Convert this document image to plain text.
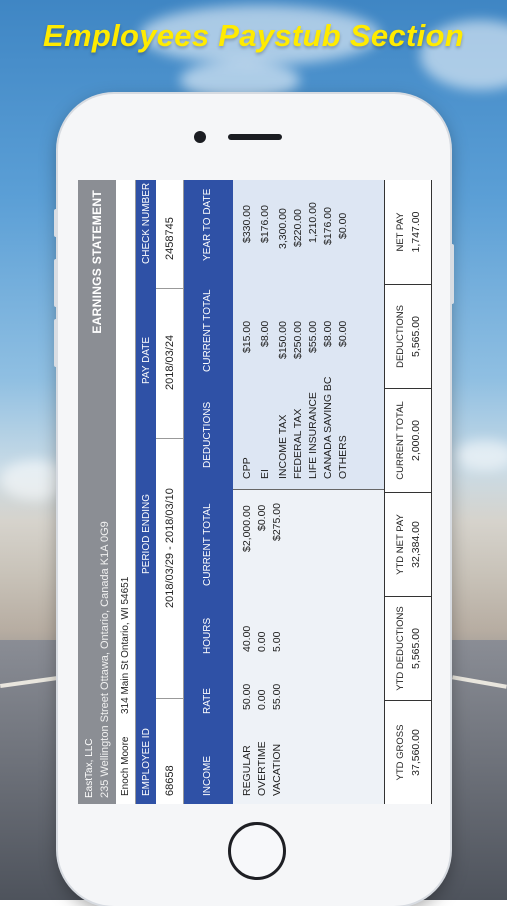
Employees Paystub Section
EastTax, LLC 235 Wellington Street Ottawa, Ontario, Canada K1A 0G9
EARNINGS STATEMENT
Enoch Moore
314 Main St Ontario, WI 54651
EMPLOYEE ID
PERIOD ENDING
PAY DATE
CHECK NUMBER
68658
2018/03/29 - 2018/03/10
2018/03/24
2458745
INCOME
RATE
HOURS
CURRENT TOTAL
DEDUCTIONS
CURRENT TOTAL
YEAR TO DATE
REGULAR
50.00
40.00
$2,000.00
OVERTIME
0.00
0.00
$0.00
VACATION
55.00
5.00
$275.00
CPP
$15.00
$330.00
EI
$8.00
$176.00
INCOME TAX
$150.00
3,300.00
FEDERAL TAX
$250.00
$220.00
LIFE INSURANCE
$55.00
1,210.00
CANADA SAVING BC
$8.00
$176.00
OTHERS
$0.00
$0.00
YTD GROSS 37,560.00
YTD DEDUCTIONS 5,565.00
YTD NET PAY 32,384.00
CURRENT TOTAL 2,000.00
DEDUCTIONS 5,565.00
NET PAY 1,747.00
